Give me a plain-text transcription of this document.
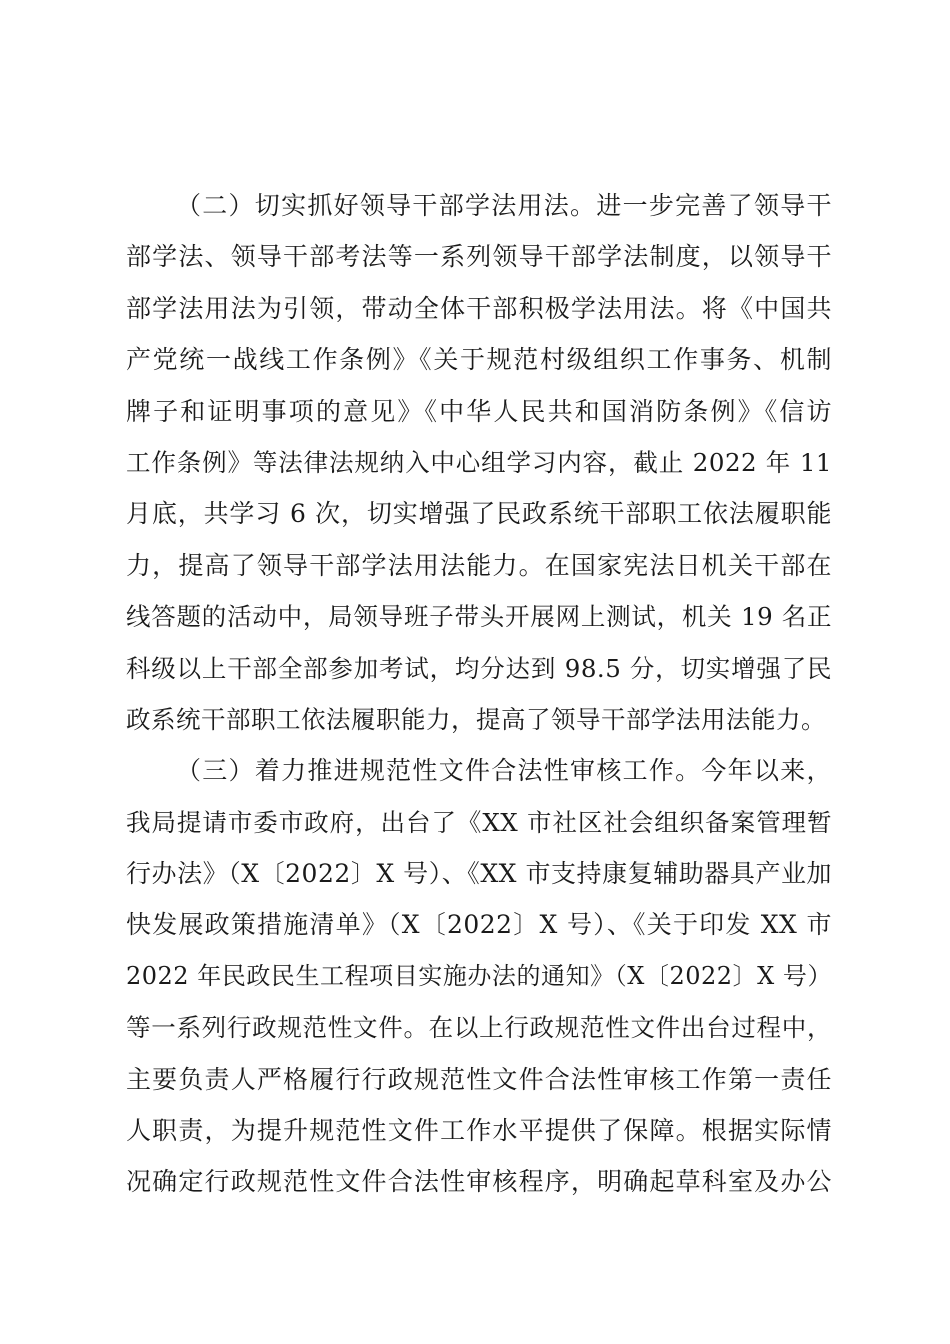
（二）切实抓好领导干部学法用法。进一步完善了领导干
部学法、领导干部考法等一系列领导干部学法制度，以领导干
部学法用法为引领，带动全体干部积极学法用法。将《中国共
产党统一战线工作条例》《关于规范村级组织工作事务、机制
牌子和证明事项的意见》《中华人民共和国消防条例》《信访
工作条例》等法律法规纳入中心组学习内容，截止 2022 年 11
月底，共学习 6 次，切实增强了民政系统干部职工依法履职能
力，提高了领导干部学法用法能力。在国家宪法日机关干部在
线答题的活动中，局领导班子带头开展网上测试，机关 19 名正
科级以上干部全部参加考试，均分达到 98.5 分，切实增强了民
政系统干部职工依法履职能力，提高了领导干部学法用法能力。
（三）着力推进规范性文件合法性审核工作。今年以来，
我局提请市委市政府，出台了《XX 市社区社会组织备案管理暂
行办法》（X〔2022〕X 号）、《XX 市支持康复辅助器具产业加
快发展政策措施清单》（X〔2022〕X 号）、《关于印发 XX 市
2022 年民政民生工程项目实施办法的通知》（X〔2022〕X 号）
等一系列行政规范性文件。在以上行政规范性文件出台过程中，
主要负责人严格履行行政规范性文件合法性审核工作第一责任
人职责，为提升规范性文件工作水平提供了保障。根据实际情
况确定行政规范性文件合法性审核程序，明确起草科室及办公
